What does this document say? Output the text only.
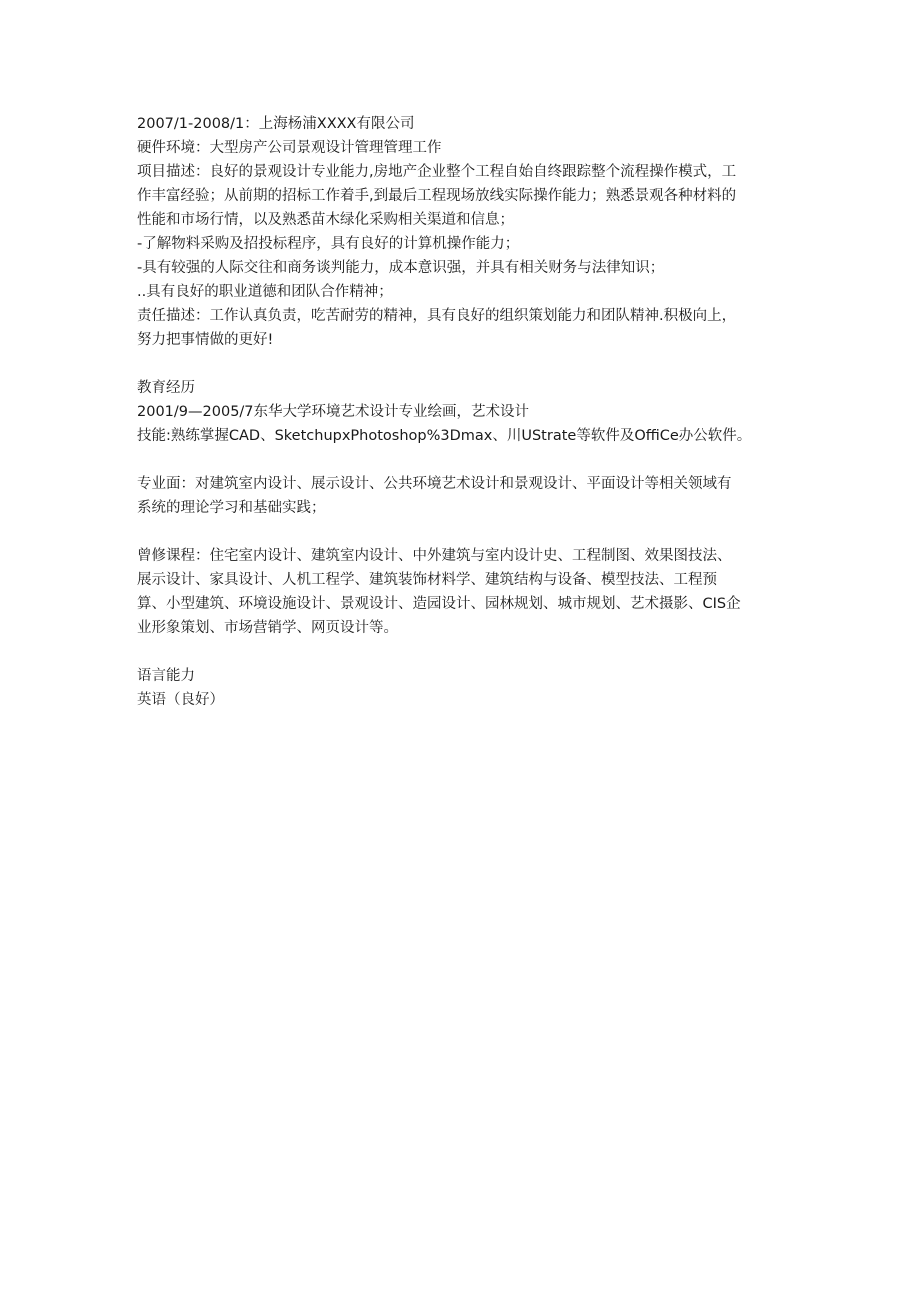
2007/1-2008/1：上海杨浦XXXX有限公司
硬件环境：大型房产公司景观设计管理管理工作
项目描述：良好的景观设计专业能力,房地产企业整个工程自始自终跟踪整个流程操作模式，工
作丰富经验；从前期的招标工作着手,到最后工程现场放线实际操作能力；熟悉景观各种材料的
性能和市场行情，以及熟悉苗木绿化采购相关渠道和信息；
-了解物料采购及招投标程序，具有良好的计算机操作能力；
-具有较强的人际交往和商务谈判能力，成本意识强，并具有相关财务与法律知识；
..具有良好的职业道德和团队合作精神；
责任描述：工作认真负责，吃苦耐劳的精神，具有良好的组织策划能力和团队精神.积极向上，
努力把事情做的更好!
教育经历
2001/9—2005/7东华大学环境艺术设计专业绘画，艺术设计
技能:熟练掌握CAD、SketchupxPhotoshop%3Dmax、川UStrate等软件及OffiCe办公软件。
专业面：对建筑室内设计、展示设计、公共环境艺术设计和景观设计、平面设计等相关领域有
系统的理论学习和基础实践；
曾修课程：住宅室内设计、建筑室内设计、中外建筑与室内设计史、工程制图、效果图技法、
展示设计、家具设计、人机工程学、建筑装饰材料学、建筑结构与设备、模型技法、工程预
算、小型建筑、环境设施设计、景观设计、造园设计、园林规划、城市规划、艺术摄影、CIS企
业形象策划、市场营销学、网页设计等。
语言能力
英语（良好）
